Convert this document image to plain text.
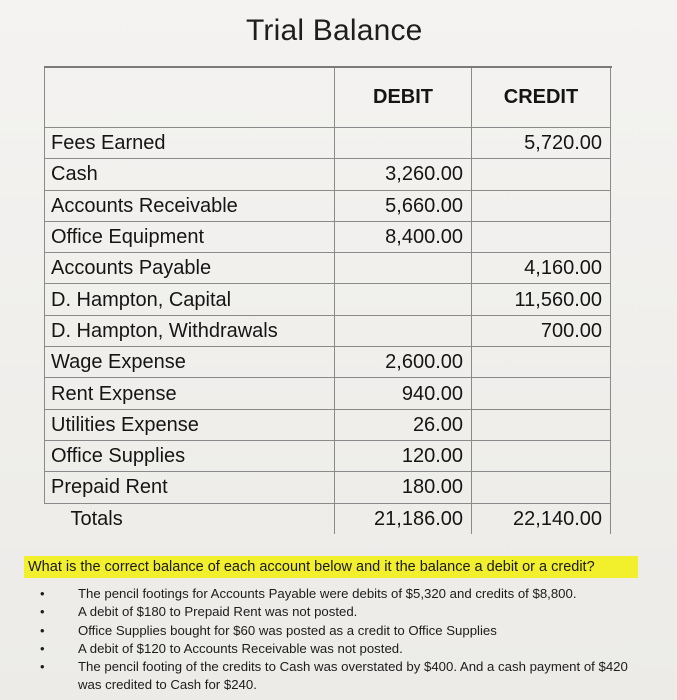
Trial Balance
	DEBIT	CREDIT
Fees Earned		5,720.00
Cash	3,260.00	
Accounts Receivable	5,660.00	
Office Equipment	8,400.00	
Accounts Payable		4,160.00
D. Hampton, Capital		11,560.00
D. Hampton, Withdrawals		700.00
Wage Expense	2,600.00	
Rent Expense	940.00	
Utilities Expense	26.00	
Office Supplies	120.00	
Prepaid Rent	180.00	
Totals	21,186.00	22,140.00
What is the correct balance of each account below and it the balance a debit or a credit?
• The pencil footings for Accounts Payable were debits of $5,320 and credits of $8,800.
• A debit of $180 to Prepaid Rent was not posted.
• Office Supplies bought for $60 was posted as a credit to Office Supplies
• A debit of $120 to Accounts Receivable was not posted.
• The pencil footing of the credits to Cash was overstated by $400. And a cash payment of $420 was credited to Cash for $240.
